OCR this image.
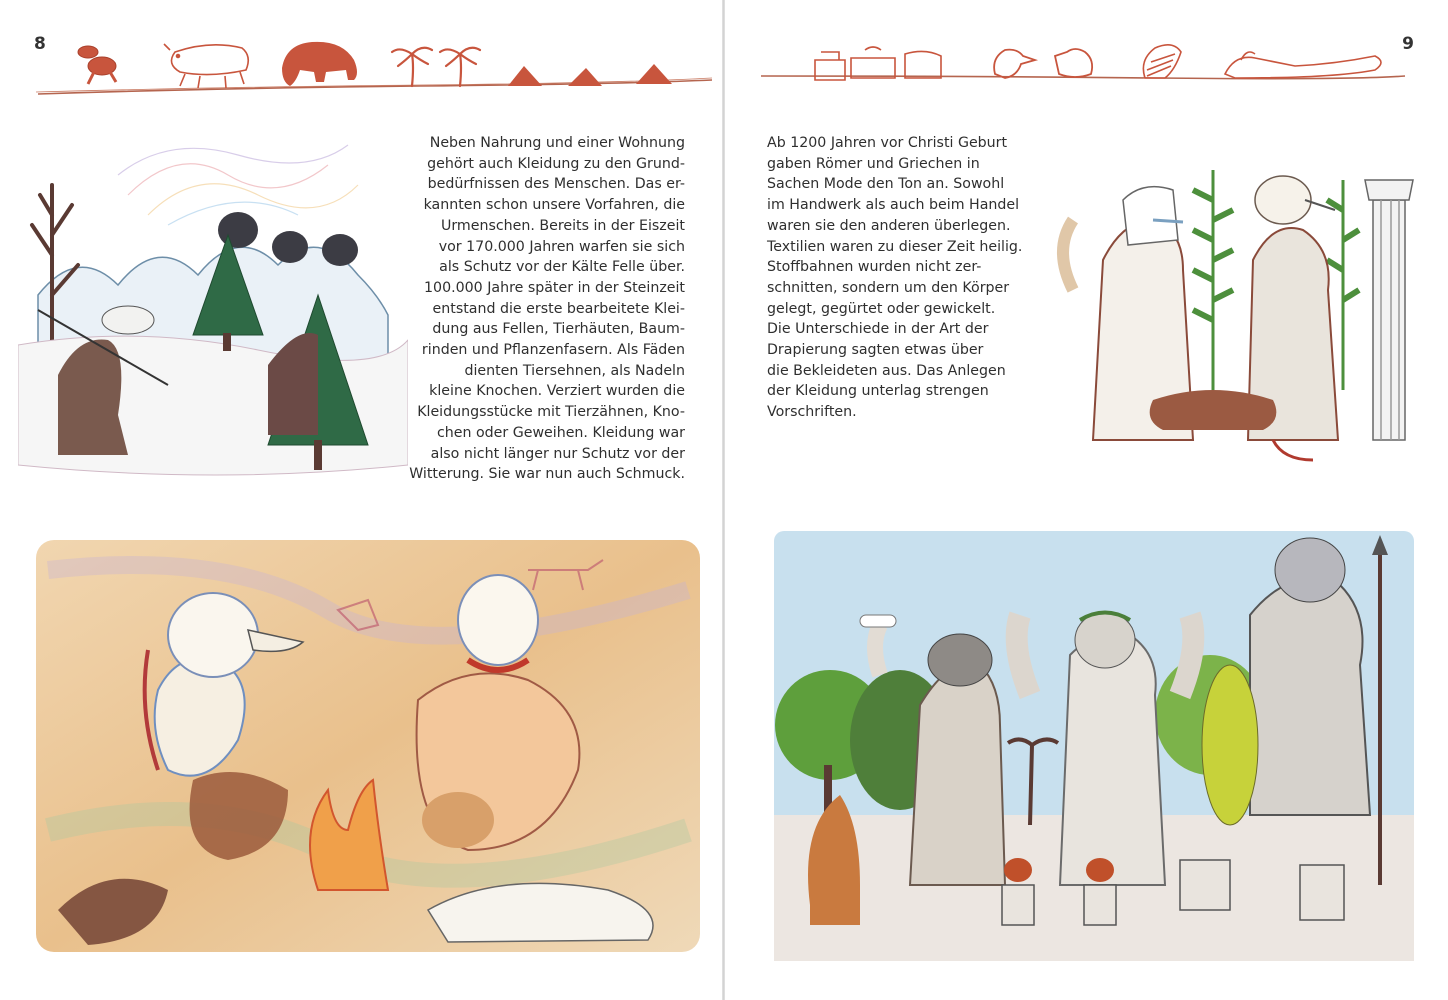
8
Neben Nahrung und einer Wohnung
gehört auch Kleidung zu den Grund-
bedürfnissen des Menschen. Das er-
kannten schon unsere Vorfahren, die
Urmenschen. Bereits in der Eiszeit
vor 170.000 Jahren warfen sie sich
als Schutz vor der Kälte Felle über.
100.000 Jahre später in der Steinzeit
entstand die erste bearbeitete Klei-
dung aus Fellen, Tierhäuten, Baum-
rinden und Pflanzenfasern. Als Fäden
dienten Tiersehnen, als Nadeln
kleine Knochen. Verziert wurden die
Kleidungsstücke mit Tierzähnen, Kno-
chen oder Geweihen. Kleidung war
also nicht länger nur Schutz vor der
Witterung. Sie war nun auch Schmuck.
9
Ab 1200 Jahren vor Christi Geburt
gaben Römer und Griechen in
Sachen Mode den Ton an. Sowohl
im Handwerk als auch beim Handel
waren sie den anderen überlegen.
Textilien waren zu dieser Zeit heilig.
Stoffbahnen wurden nicht zer-
schnitten, sondern um den Körper
gelegt, gegürtet oder gewickelt.
Die Unterschiede in der Art der
Drapierung sagten etwas über
die Bekleideten aus. Das Anlegen
der Kleidung unterlag strengen
Vorschriften.
